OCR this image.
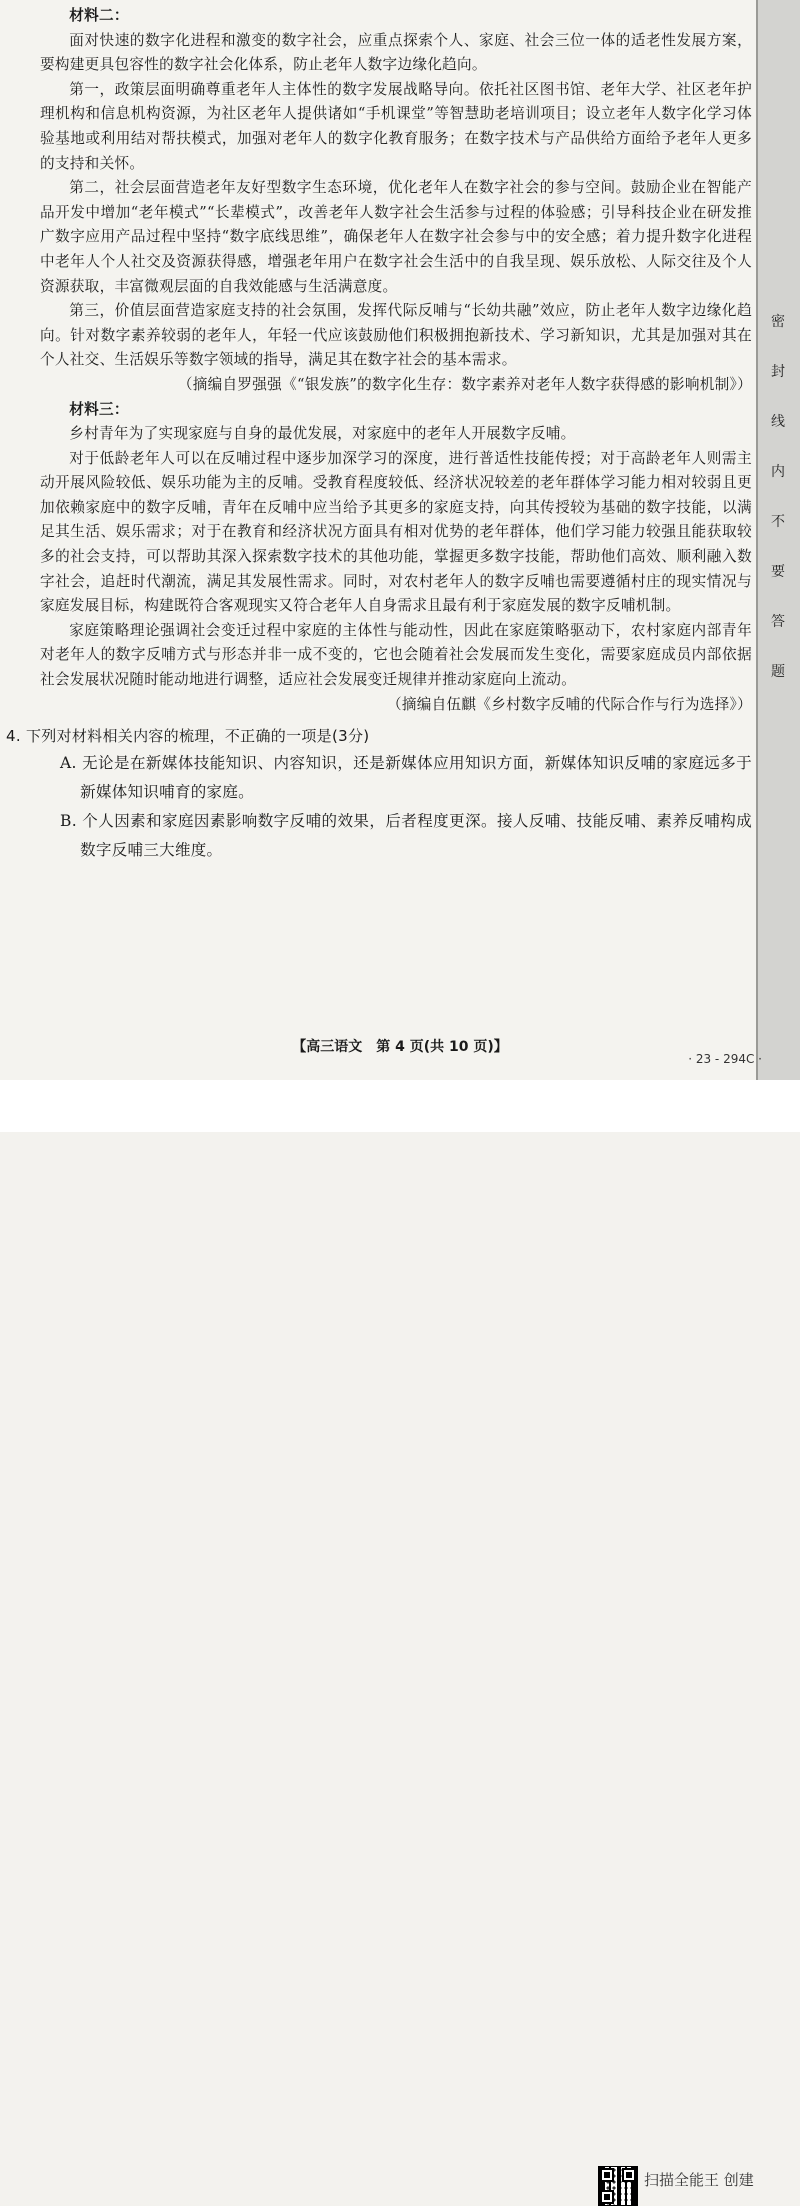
密
封
线
内
不
要
答
题

材料二：

面对快速的数字化进程和激变的数字社会，应重点探索个人、家庭、社会三位一体的适老性发展方案，要构建更具包容性的数字社会化体系，防止老年人数字边缘化趋向。

第一，政策层面明确尊重老年人主体性的数字发展战略导向。依托社区图书馆、老年大学、社区老年护理机构和信息机构资源，为社区老年人提供诸如“手机课堂”等智慧助老培训项目；设立老年人数字化学习体验基地或利用结对帮扶模式，加强对老年人的数字化教育服务；在数字技术与产品供给方面给予老年人更多的支持和关怀。

第二，社会层面营造老年友好型数字生态环境，优化老年人在数字社会的参与空间。鼓励企业在智能产品开发中增加“老年模式”“长辈模式”，改善老年人数字社会生活参与过程的体验感；引导科技企业在研发推广数字应用产品过程中坚持“数字底线思维”，确保老年人在数字社会参与中的安全感；着力提升数字化进程中老年人个人社交及资源获得感，增强老年用户在数字社会生活中的自我呈现、娱乐放松、人际交往及个人资源获取，丰富微观层面的自我效能感与生活满意度。

第三，价值层面营造家庭支持的社会氛围，发挥代际反哺与“长幼共融”效应，防止老年人数字边缘化趋向。针对数字素养较弱的老年人，年轻一代应该鼓励他们积极拥抱新技术、学习新知识，尤其是加强对其在个人社交、生活娱乐等数字领域的指导，满足其在数字社会的基本需求。

（摘编自罗强强《“银发族”的数字化生存：数字素养对老年人数字获得感的影响机制》）

材料三：

乡村青年为了实现家庭与自身的最优发展，对家庭中的老年人开展数字反哺。

对于低龄老年人可以在反哺过程中逐步加深学习的深度，进行普适性技能传授；对于高龄老年人则需主动开展风险较低、娱乐功能为主的反哺。受教育程度较低、经济状况较差的老年群体学习能力相对较弱且更加依赖家庭中的数字反哺，青年在反哺中应当给予其更多的家庭支持，向其传授较为基础的数字技能，以满足其生活、娱乐需求；对于在教育和经济状况方面具有相对优势的老年群体，他们学习能力较强且能获取较多的社会支持，可以帮助其深入探索数字技术的其他功能，掌握更多数字技能，帮助他们高效、顺利融入数字社会，追赶时代潮流，满足其发展性需求。同时，对农村老年人的数字反哺也需要遵循村庄的现实情况与家庭发展目标，构建既符合客观现实又符合老年人自身需求且最有利于家庭发展的数字反哺机制。

家庭策略理论强调社会变迁过程中家庭的主体性与能动性，因此在家庭策略驱动下，农村家庭内部青年对老年人的数字反哺方式与形态并非一成不变的，它也会随着社会发展而发生变化，需要家庭成员内部依据社会发展状况随时能动地进行调整，适应社会发展变迁规律并推动家庭向上流动。

（摘编自伍麒《乡村数字反哺的代际合作与行为选择》）

4. 下列对材料相关内容的梳理，不正确的一项是(3分)

A. 无论是在新媒体技能知识、内容知识，还是新媒体应用知识方面，新媒体知识反哺的家庭远多于新媒体知识哺育的家庭。

B. 个人因素和家庭因素影响数字反哺的效果，后者程度更深。接人反哺、技能反哺、素养反哺构成数字反哺三大维度。

【高三语文　第 4 页(共 10 页)】
· 23 - 294C ·
扫描全能王 创建
